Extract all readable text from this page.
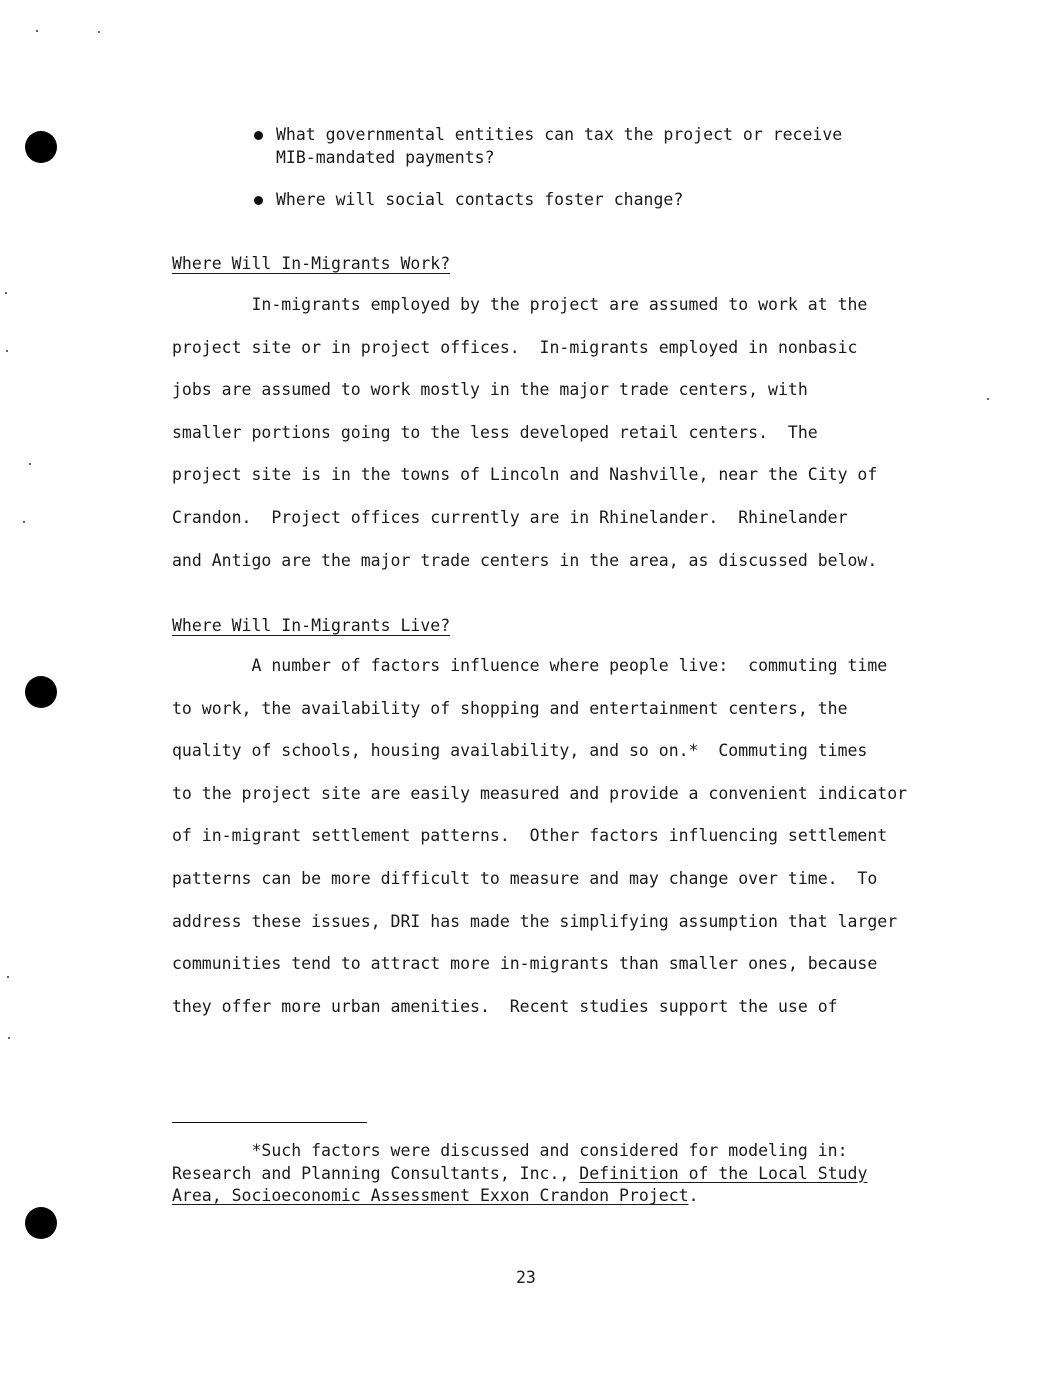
What governmental entities can tax the project or receive
MIB-mandated payments?
Where will social contacts foster change?
Where Will In-Migrants Work?
In-migrants employed by the project are assumed to work at the
project site or in project offices.  In-migrants employed in nonbasic
jobs are assumed to work mostly in the major trade centers, with
smaller portions going to the less developed retail centers.  The
project site is in the towns of Lincoln and Nashville, near the City of
Crandon.  Project offices currently are in Rhinelander.  Rhinelander
and Antigo are the major trade centers in the area, as discussed below.
Where Will In-Migrants Live?
A number of factors influence where people live:  commuting time
to work, the availability of shopping and entertainment centers, the
quality of schools, housing availability, and so on.*  Commuting times
to the project site are easily measured and provide a convenient indicator
of in-migrant settlement patterns.  Other factors influencing settlement
patterns can be more difficult to measure and may change over time.  To
address these issues, DRI has made the simplifying assumption that larger
communities tend to attract more in-migrants than smaller ones, because
they offer more urban amenities.  Recent studies support the use of
*Such factors were discussed and considered for modeling in:
Research and Planning Consultants, Inc., Definition of the Local Study
Area, Socioeconomic Assessment Exxon Crandon Project.
23
